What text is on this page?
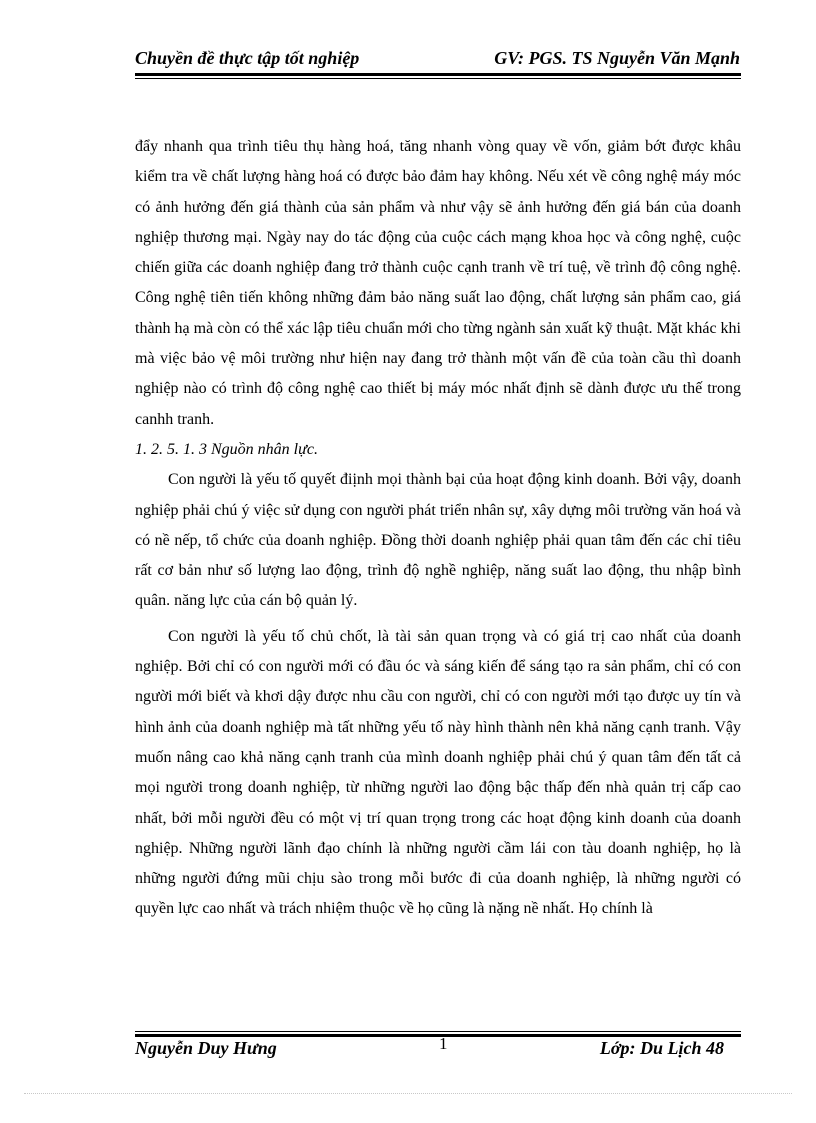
Chuyền đề thực tập tốt nghiệp	GV: PGS. TS Nguyễn Văn Mạnh

đẩy nhanh qua trình tiêu thụ hàng hoá, tăng nhanh vòng quay về vốn, giảm bớt được khâu kiểm tra về chất lượng hàng hoá có được bảo đảm hay không. Nếu xét về công nghệ máy móc có ảnh hưởng đến giá thành của sản phẩm và như vậy sẽ ảnh hưởng đến giá bán của doanh nghiệp thương mại. Ngày nay do tác động của cuộc cách mạng khoa học và công nghệ, cuộc chiến giữa các doanh nghiệp đang trở thành cuộc cạnh tranh về trí tuệ, về trình độ công nghệ. Công nghệ tiên tiến không những đảm bảo năng suất lao động, chất lượng sản phẩm cao, giá thành hạ mà còn có thể xác lập tiêu chuẩn mới cho từng ngành sản xuất kỹ thuật. Mặt khác khi mà việc bảo vệ môi trường như hiện nay đang trở thành một vấn đề của toàn cầu thì doanh nghiệp nào có trình độ công nghệ cao thiết bị máy móc nhất định sẽ dành được ưu thế trong canhh tranh.

1. 2. 5. 1. 3 Nguồn nhân lực.

Con người là yếu tố quyết điịnh mọi thành bại của hoạt động kinh doanh. Bởi vậy, doanh nghiệp phải chú ý việc sử dụng con người phát triển nhân sự, xây dựng môi trường văn hoá và có nề nếp, tổ chức của doanh nghiệp. Đồng thời doanh nghiệp phải quan tâm đến các chỉ tiêu rất cơ bản như số lượng lao động, trình độ nghề nghiệp, năng suất lao động, thu nhập bình quân. năng lực của cán bộ quản lý.

Con người là yếu tố chủ chốt, là tài sản quan trọng và có giá trị cao nhất của doanh nghiệp. Bởi chỉ có con người mới có đầu óc và sáng kiến để sáng tạo ra sản phẩm, chỉ có con người mới biết và khơi dậy được nhu cầu con người, chỉ có con người mới tạo được uy tín và hình ảnh của doanh nghiệp mà tất những yếu tố này hình thành nên khả năng cạnh tranh. Vậy muốn nâng cao khả năng cạnh tranh của mình doanh nghiệp phải chú ý quan tâm đến tất cả mọi người trong doanh nghiệp, từ những người lao động bậc thấp đến nhà quản trị cấp cao nhất, bởi mỗi người đều có một vị trí quan trọng trong các hoạt động kinh doanh của doanh nghiệp. Những người lãnh đạo chính là những người cầm lái con tàu doanh nghiệp, họ là những người đứng mũi chịu sào trong mỗi bước đi của doanh nghiệp, là những người có quyền lực cao nhất và trách nhiệm thuộc về họ cũng là nặng nề nhất. Họ chính là

Nguyễn Duy Hưng	1	Lớp: Du Lịch 48
